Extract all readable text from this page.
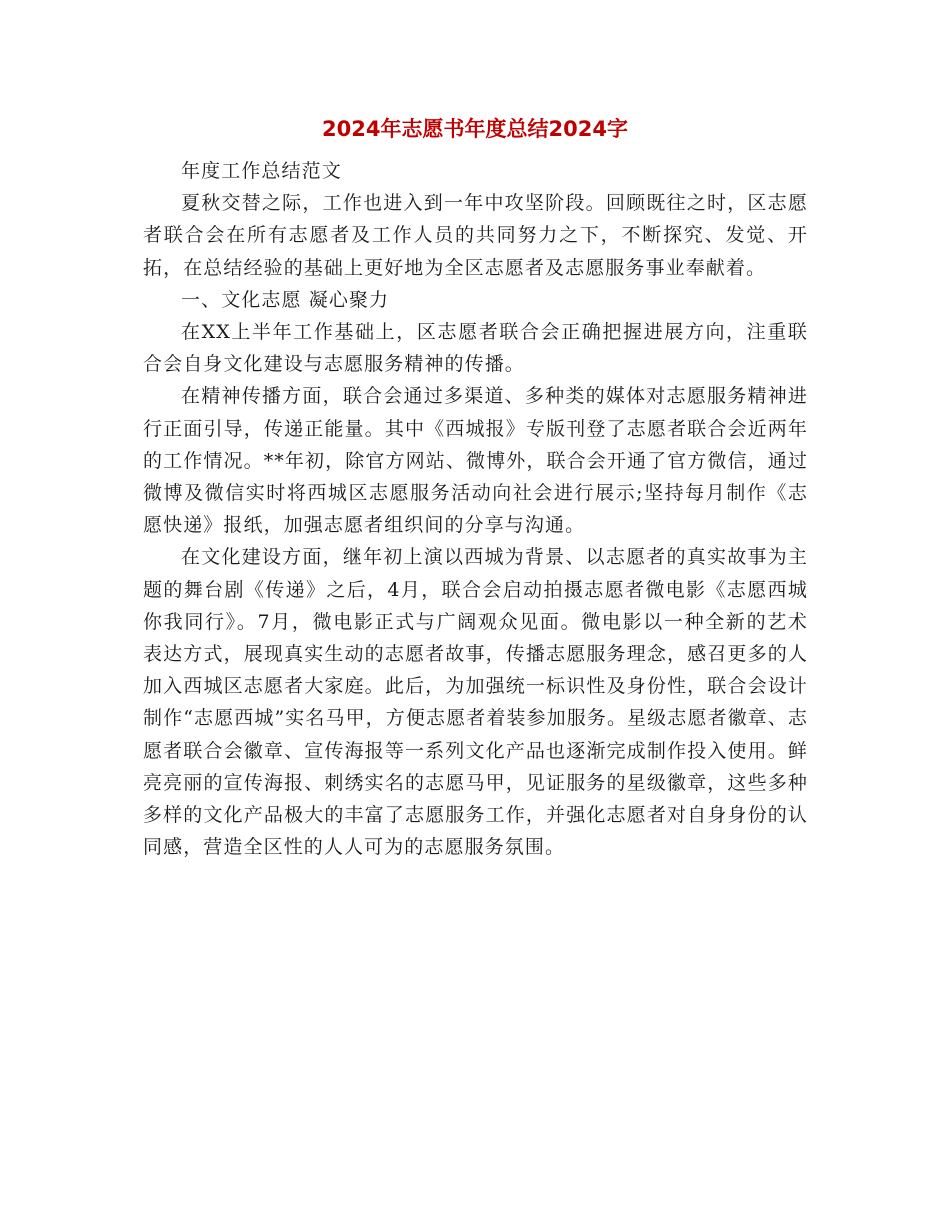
2024年志愿书年度总结2024字

年度工作总结范文

夏秋交替之际，工作也进入到一年中攻坚阶段。回顾既往之时，区志愿者联合会在所有志愿者及工作人员的共同努力之下，不断探究、发觉、开拓，在总结经验的基础上更好地为全区志愿者及志愿服务事业奉献着。

一、文化志愿 凝心聚力

在XX上半年工作基础上，区志愿者联合会正确把握进展方向，注重联合会自身文化建设与志愿服务精神的传播。

在精神传播方面，联合会通过多渠道、多种类的媒体对志愿服务精神进行正面引导，传递正能量。其中《西城报》专版刊登了志愿者联合会近两年的工作情况。**年初，除官方网站、微博外，联合会开通了官方微信，通过微博及微信实时将西城区志愿服务活动向社会进行展示;坚持每月制作《志愿快递》报纸，加强志愿者组织间的分享与沟通。

在文化建设方面，继年初上演以西城为背景、以志愿者的真实故事为主题的舞台剧《传递》之后，4月，联合会启动拍摄志愿者微电影《志愿西城 你我同行》。7月，微电影正式与广阔观众见面。微电影以一种全新的艺术表达方式，展现真实生动的志愿者故事，传播志愿服务理念，感召更多的人加入西城区志愿者大家庭。此后，为加强统一标识性及身份性，联合会设计制作“志愿西城”实名马甲，方便志愿者着装参加服务。星级志愿者徽章、志愿者联合会徽章、宣传海报等一系列文化产品也逐渐完成制作投入使用。鲜亮亮丽的宣传海报、刺绣实名的志愿马甲，见证服务的星级徽章，这些多种多样的文化产品极大的丰富了志愿服务工作，并强化志愿者对自身身份的认同感，营造全区性的人人可为的志愿服务氛围。
